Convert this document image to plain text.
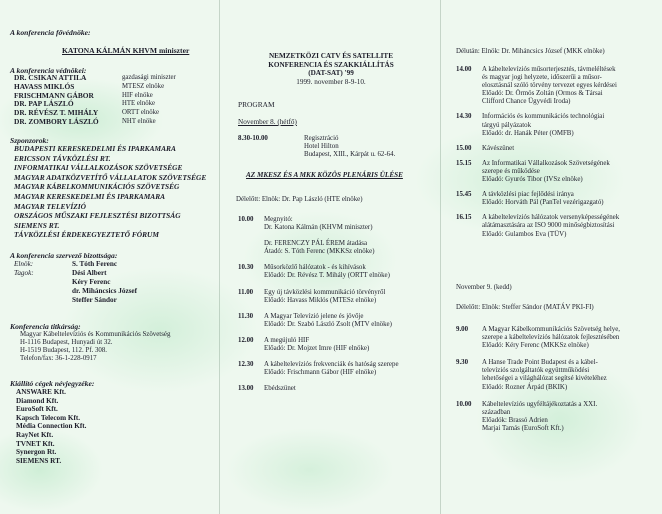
A konferencia fővédnöke:
KATONA KÁLMÁN KHVM miniszter
A konferencia védnökei:
DR. CSIKAN ATTILA	gazdasági miniszter
HAVASS MIKLÓS	MTESZ elnöke
FRISCHMANN GÁBOR	HIF elnöke
DR. PAP LÁSZLÓ	HTE elnöke
DR. RÉVÉSZ T. MIHÁLY	ORTT elnöke
DR. ZOMBORY LÁSZLÓ	NHT elnöke
Szponzorok:
BUDAPESTI KERESKEDELMI ÉS IPARKAMARA
ERICSSON TÁVKÖZLÉSI RT.
INFORMATIKAI VÁLLALKOZÁSOK SZÖVETSÉGE
MAGYAR ADATKÖZVETÍTŐ VÁLLALATOK SZÖVETSÉGE
MAGYAR KÁBELKOMMUNIKÁCIÓS SZÖVETSÉG
MAGYAR KERESKEDELMI ÉS IPARKAMARA
MAGYAR TELEVÍZIÓ
ORSZÁGOS MŰSZAKI FEJLESZTÉSI BIZOTTSÁG
SIEMENS RT.
TÁVKÖZLÉSI ÉRDEKEGYEZTETŐ FÓRUM
A konferencia szervező bizottsága:
Elnök:	S. Tóth Ferenc
Tagok:	Dési Albert
Kéry Ferenc
dr. Miháncsics József
Steffer Sándor
Konferencia titkárság:
Magyar Kábeltelevíziós és Kommunikációs Szövetség
H-1116 Budapest, Hunyadi út 32.
H-1519 Budapest, 112. Pf. 308.
Telefon/fax: 36-1-228-0917
Kiállító cégek névjegyzéke:
ANSWARE Kft.
Diamond Kft.
EuroSoft Kft.
Kapsch Telecom Kft.
Média Connection Kft.
RayNet Kft.
TVNET Kft.
Synergon Rt.
SIEMENS RT.
NEMZETKÖZI CATV ÉS SATELLITE
KONFERENCIA ÉS SZAKKIÁLLÍTÁS
(DAT-SAT) '99
1999. november 8-9-10.
PROGRAM
November 8. (hétfő)
8.30-10.00	Regisztráció
Hotel Hilton
Budapest, XIII., Kárpát u. 62-64.
AZ MKESZ ÉS A MKK KÖZÖS PLENÁRIS ÜLÉSE
Délelőtt: Elnök: Dr. Pap László (HTE elnöke)
10.00	Megnyitó:
Dr. Katona Kálmán (KHVM miniszter)
Dr. FERENCZY PÁL ÉREM átadása
Átadó: S. Tóth Ferenc (MKKSz elnöke)
10.30	Műsorközlő hálózatok - és kihívások
Előadó: Dr. Révész T. Mihály (ORTT elnöke)
11.00	Egy új távközlési kommunikáció törvényről
Előadó: Havass Miklós (MTESz elnöke)
11.30	A Magyar Televízió jelene és jövője
Előadó: Dr. Szabó László Zsolt (MTV elnöke)
12.00	A megújuló HIF
Előadó: Dr. Mojzet Imre (HIF elnöke)
12.30	A kábeltelevíziós frekvenciák és hatóság szerepe
Előadó: Frischmann Gábor (HIF elnöke)
13.00	Ebédszünet
Délután: Elnök: Dr. Miháncsics József (MKK elnöke)
14.00	A kábeltelevíziós műsorterjesztés, távmeléltések
és magyar jogi helyzete, időszerűi a műsor-
elosztásnál szóló törvény tervezet egyes kérdései
Előadó: Dr. Örmös Zoltán (Ormos & Társai
Clifford Chance Ügyvédi Iroda)
14.30	Információs és kommunikációs technológiai
tárgyú pályázatok
Előadó: dr. Hanák Péter (OMFB)
15.00	Kávészünet
15.15	Az Informatikai Vállalkozások Szövetségének
szerepe és működése
Előadó: Gyurós Tibor (IVSz elnöke)
15.45	A távközlési piac fejlődési iránya
Előadó: Horváth Pál (PanTel vezérigazgató)
16.15	A kábeltelevíziós hálózatok versenyképességének
alátámasztására az ISO 9000 minőségbiztosítási
Előadó: Gulambos Eva (TÜV)
November 9. (kedd)
Délelőtt: Elnök: Steffer Sándor (MATÁV PKI-FI)
9.00	A Magyar Kábelkommunikációs Szövetség helye,
szerepe a kábeltelevíziós hálózatok fejlesztésében
Előadó: Kéry Ferenc (MKKSz elnöke)
9.30	A Hanse Trade Point Budapest és a kábel-
televíziós szolgáltatók együttműködési
lehetőségei a világhálózat segítsé kivételéhez
Előadó: Rozner Árpád (BKIK)
10.00	Kábeltelevíziós ugyféltájékoztatás a XXI.
században
Előadók: Brassó Adrien
Marjai Tamás (EuroSoft Kft.)
